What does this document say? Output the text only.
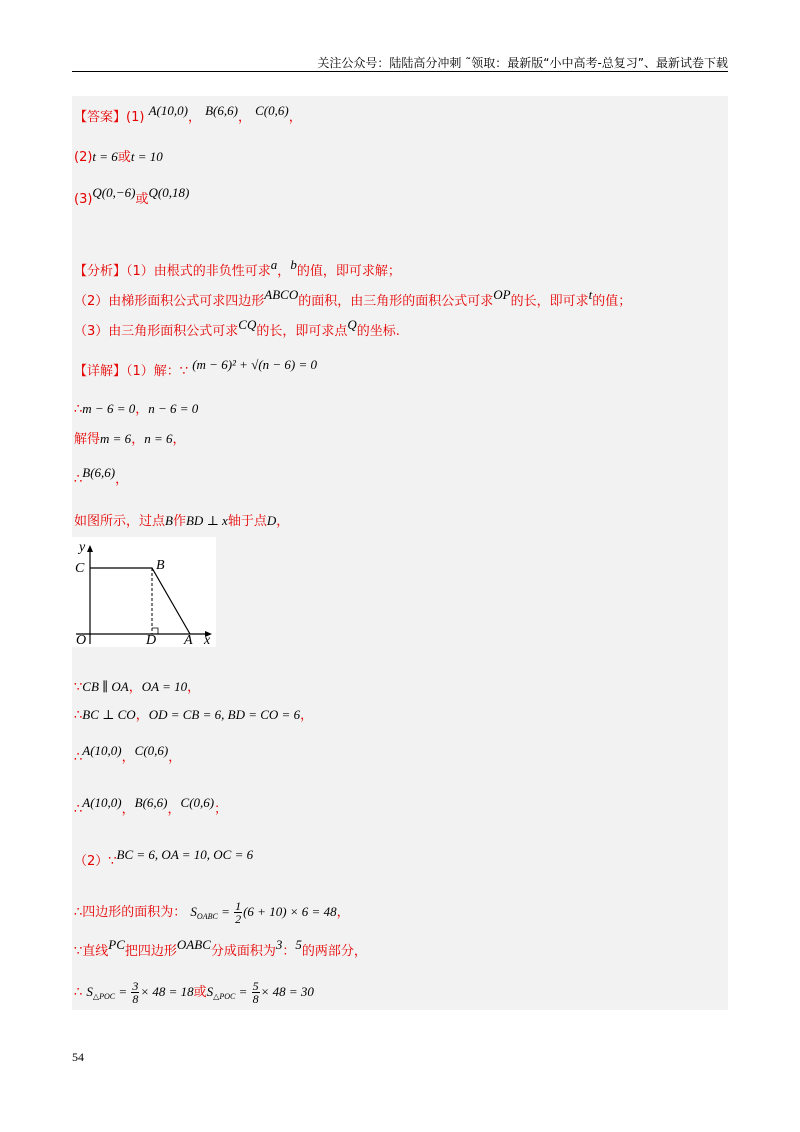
关注公众号：陆陆高分冲刺 ˜领取：最新版“小中高考-总复习”、最新试卷下载
【答案】(1) A(10,0)， B(6,6)， C(0,6)，
(2)t = 6或t = 10
(3)Q(0,−6)或Q(0,18)
【分析】（1）由根式的非负性可求a，b的值，即可求解；
（2）由梯形面积公式可求四边形ABCO的面积，由三角形的面积公式可求OP的长，即可求t的值；
（3）由三角形面积公式可求CQ的长，即可求点Q的坐标.
【详解】（1）解：∵ (m − 6)² + √(n − 6) = 0
∴m − 6 = 0，n − 6 = 0
解得m = 6，n = 6，
∴B(6,6)，
如图所示，过点B作BD ⊥ x轴于点D，
y
C	B
O	D A x
∵CB ∥ OA，OA = 10，
∴BC ⊥ CO，OD = CB = 6, BD = CO = 6，
∴A(10,0)，C(0,6)，
∴A(10,0)，B(6,6)，C(0,6)；
（2）∵BC = 6, OA = 10, OC = 6
∴四边形的面积为： $S_{OABC} = \frac{1}{2} (6 + 10) \times 6 = 48$，
∵直线PC把四边形OABC分成面积为3：5的两部分，
∴ $S_{\triangle POC} = \frac{3}{8} \times 48 = 18$或$S_{\triangle POC} = \frac{5}{8} \times 48 = 30$
54
